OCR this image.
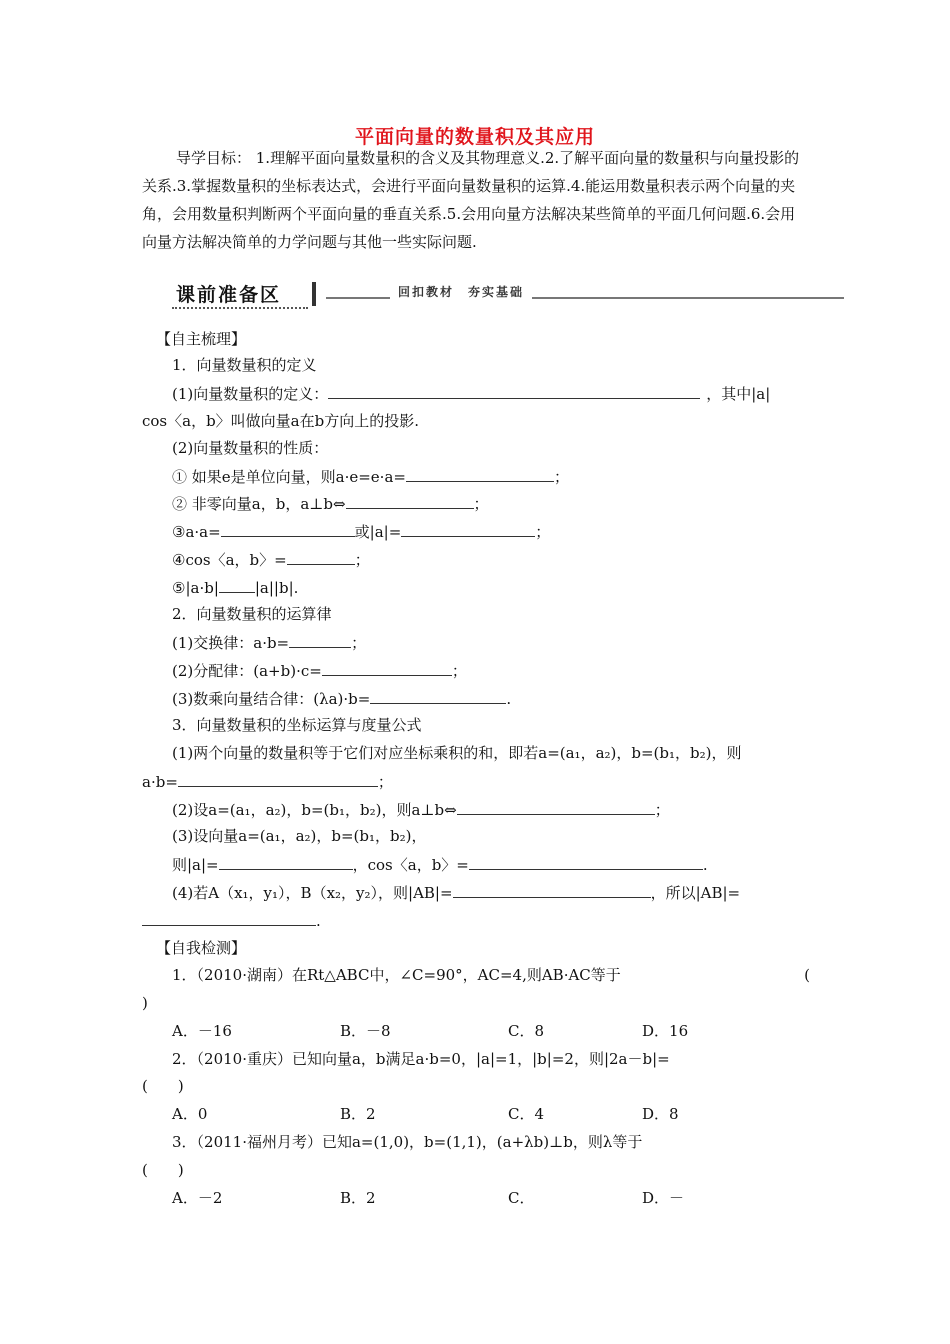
平面向量的数量积及其应用
导学目标： 1.理解平面向量数量积的含义及其物理意义.2.了解平面向量的数量积与向量投影的关系.3.掌握数量积的坐标表达式，会进行平面向量数量积的运算.4.能运用数量积表示两个向量的夹角，会用数量积判断两个平面向量的垂直关系.5.会用向量方法解决某些简单的平面几何问题.6.会用向量方法解决简单的力学问题与其他一些实际问题.
课前准备区	回扣教材　夯实基础
【自主梳理】
1．向量数量积的定义
(1)向量数量积的定义：	，其中|a|
cos〈a，b〉叫做向量a在b方向上的投影.
(2)向量数量积的性质：
① 如果e是单位向量，则a·e=e·a=	；
② 非零向量a，b，a⊥b⇔	；
③a·a=	或|a|=	；
④cos〈a，b〉=	；
⑤|a·b| |a||b|.
2．向量数量积的运算律
(1)交换律：a·b=	；
(2)分配律：(a+b)·c=	；
(3)数乘向量结合律：(λa)·b=	.
3．向量数量积的坐标运算与度量公式
(1)两个向量的数量积等于它们对应坐标乘积的和，即若a=(a₁，a₂)，b=(b₁，b₂)，则
a·b=	；
(2)设a=(a₁，a₂)，b=(b₁，b₂)，则a⊥b⇔	；
(3)设向量a=(a₁，a₂)，b=(b₁，b₂)，
则|a|=	，cos〈a，b〉=	.
(4)若A（x₁，y₁），B（x₂，y₂），则|AB|=	，所以|AB|=
.
【自我检测】
1．（2010·湖南）在Rt△ABC中，∠C=90°，AC=4,则AB·AC等于	(
)
A．－16	B．－8	C．8	D．16
2．（2010·重庆）已知向量a，b满足a·b=0，|a|=1，|b|=2，则|2a－b|=
(　　)
A．0	B．2	C．4	D．8
3．（2011·福州月考）已知a=(1,0)，b=(1,1)，(a+λb)⊥b，则λ等于
(　　)
A．－2	B．2	C．	D．－
